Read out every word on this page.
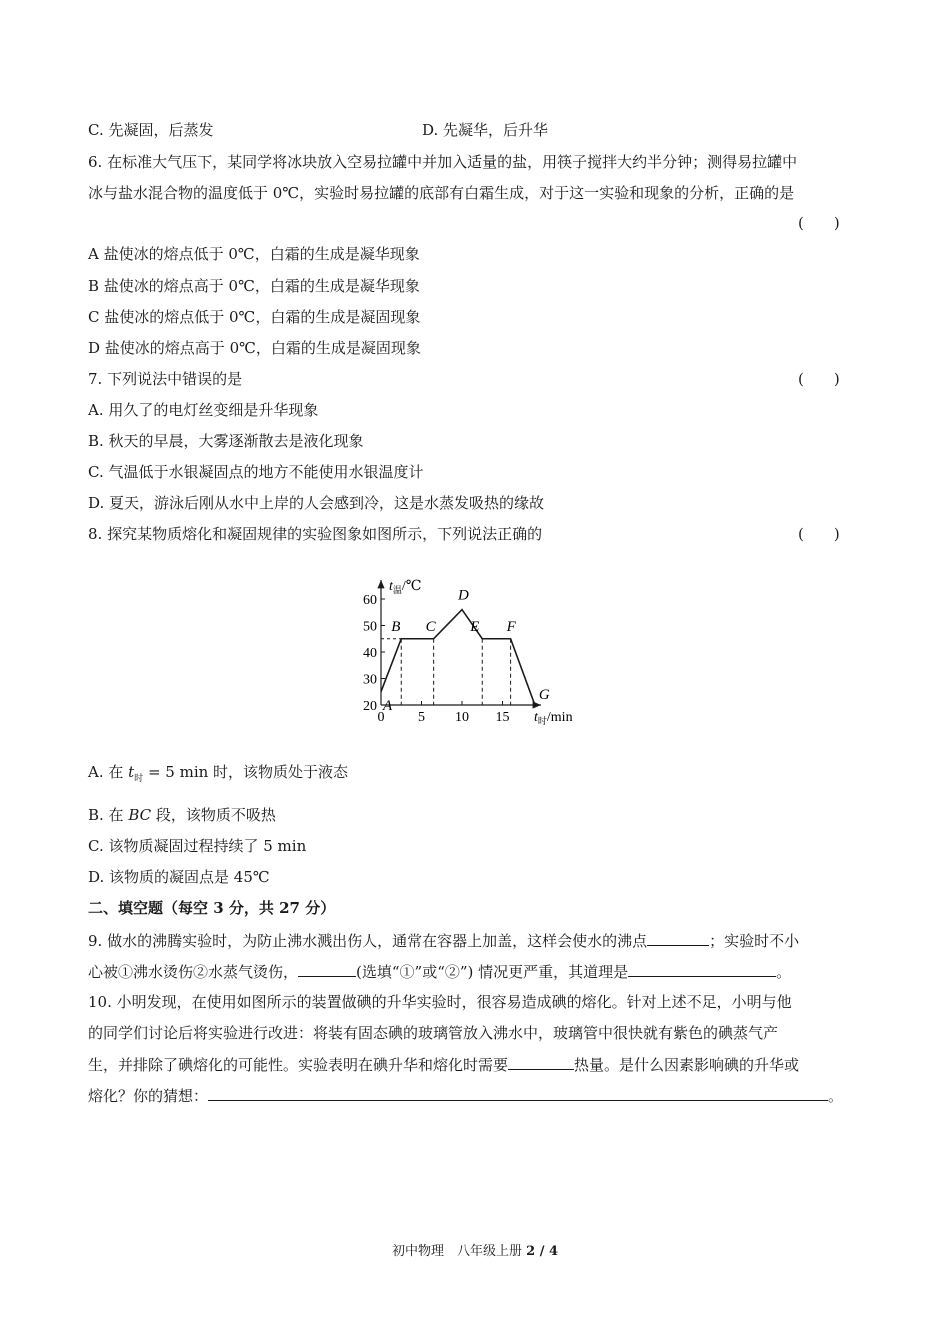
C. 先凝固，后蒸发	D. 先凝华，后升华
6. 在标准大气压下，某同学将冰块放入空易拉罐中并加入适量的盐，用筷子搅拌大约半分钟；测得易拉罐中
冰与盐水混合物的温度低于 0℃，实验时易拉罐的底部有白霜生成，对于这一实验和现象的分析，正确的是
(　　)
A 盐使冰的熔点低于 0℃，白霜的生成是凝华现象
B 盐使冰的熔点高于 0℃，白霜的生成是凝华现象
C 盐使冰的熔点低于 0℃，白霜的生成是凝固现象
D 盐使冰的熔点高于 0℃，白霜的生成是凝固现象
7. 下列说法中错误的是	(　　)
A. 用久了的电灯丝变细是升华现象
B. 秋天的早晨，大雾逐渐散去是液化现象
C. 气温低于水银凝固点的地方不能使用水银温度计
D. 夏天，游泳后刚从水中上岸的人会感到冷，这是水蒸发吸热的缘故
8. 探究某物质熔化和凝固规律的实验图象如图所示，下列说法正确的	(　　)
20
30
40
50
60
0 5 10 15
A
B C
D
E F
G
$t_温/℃$
$t_时/\min$
A. 在 $t_时 = 5$ min 时，该物质处于液态
B. 在 BC 段，该物质不吸热
C. 该物质凝固过程持续了 5 min
D. 该物质的凝固点是 45℃
二、填空题（每空 3 分，共 27 分）
9. 做水的沸腾实验时，为防止沸水溅出伤人，通常在容器上加盖，这样会使水的沸点	；实验时不小
心被①沸水烫伤②水蒸气烫伤，	(选填“①”或“②”) 情况更严重，其道理是	。
10. 小明发现，在使用如图所示的装置做碘的升华实验时，很容易造成碘的熔化。针对上述不足，小明与他
的同学们讨论后将实验进行改进：将装有固态碘的玻璃管放入沸水中，玻璃管中很快就有紫色的碘蒸气产
生，并排除了碘熔化的可能性。实验表明在碘升华和熔化时需要	热量。是什么因素影响碘的升华或
熔化？你的猜想：	。
初中物理　八年级上册 2 / 4
